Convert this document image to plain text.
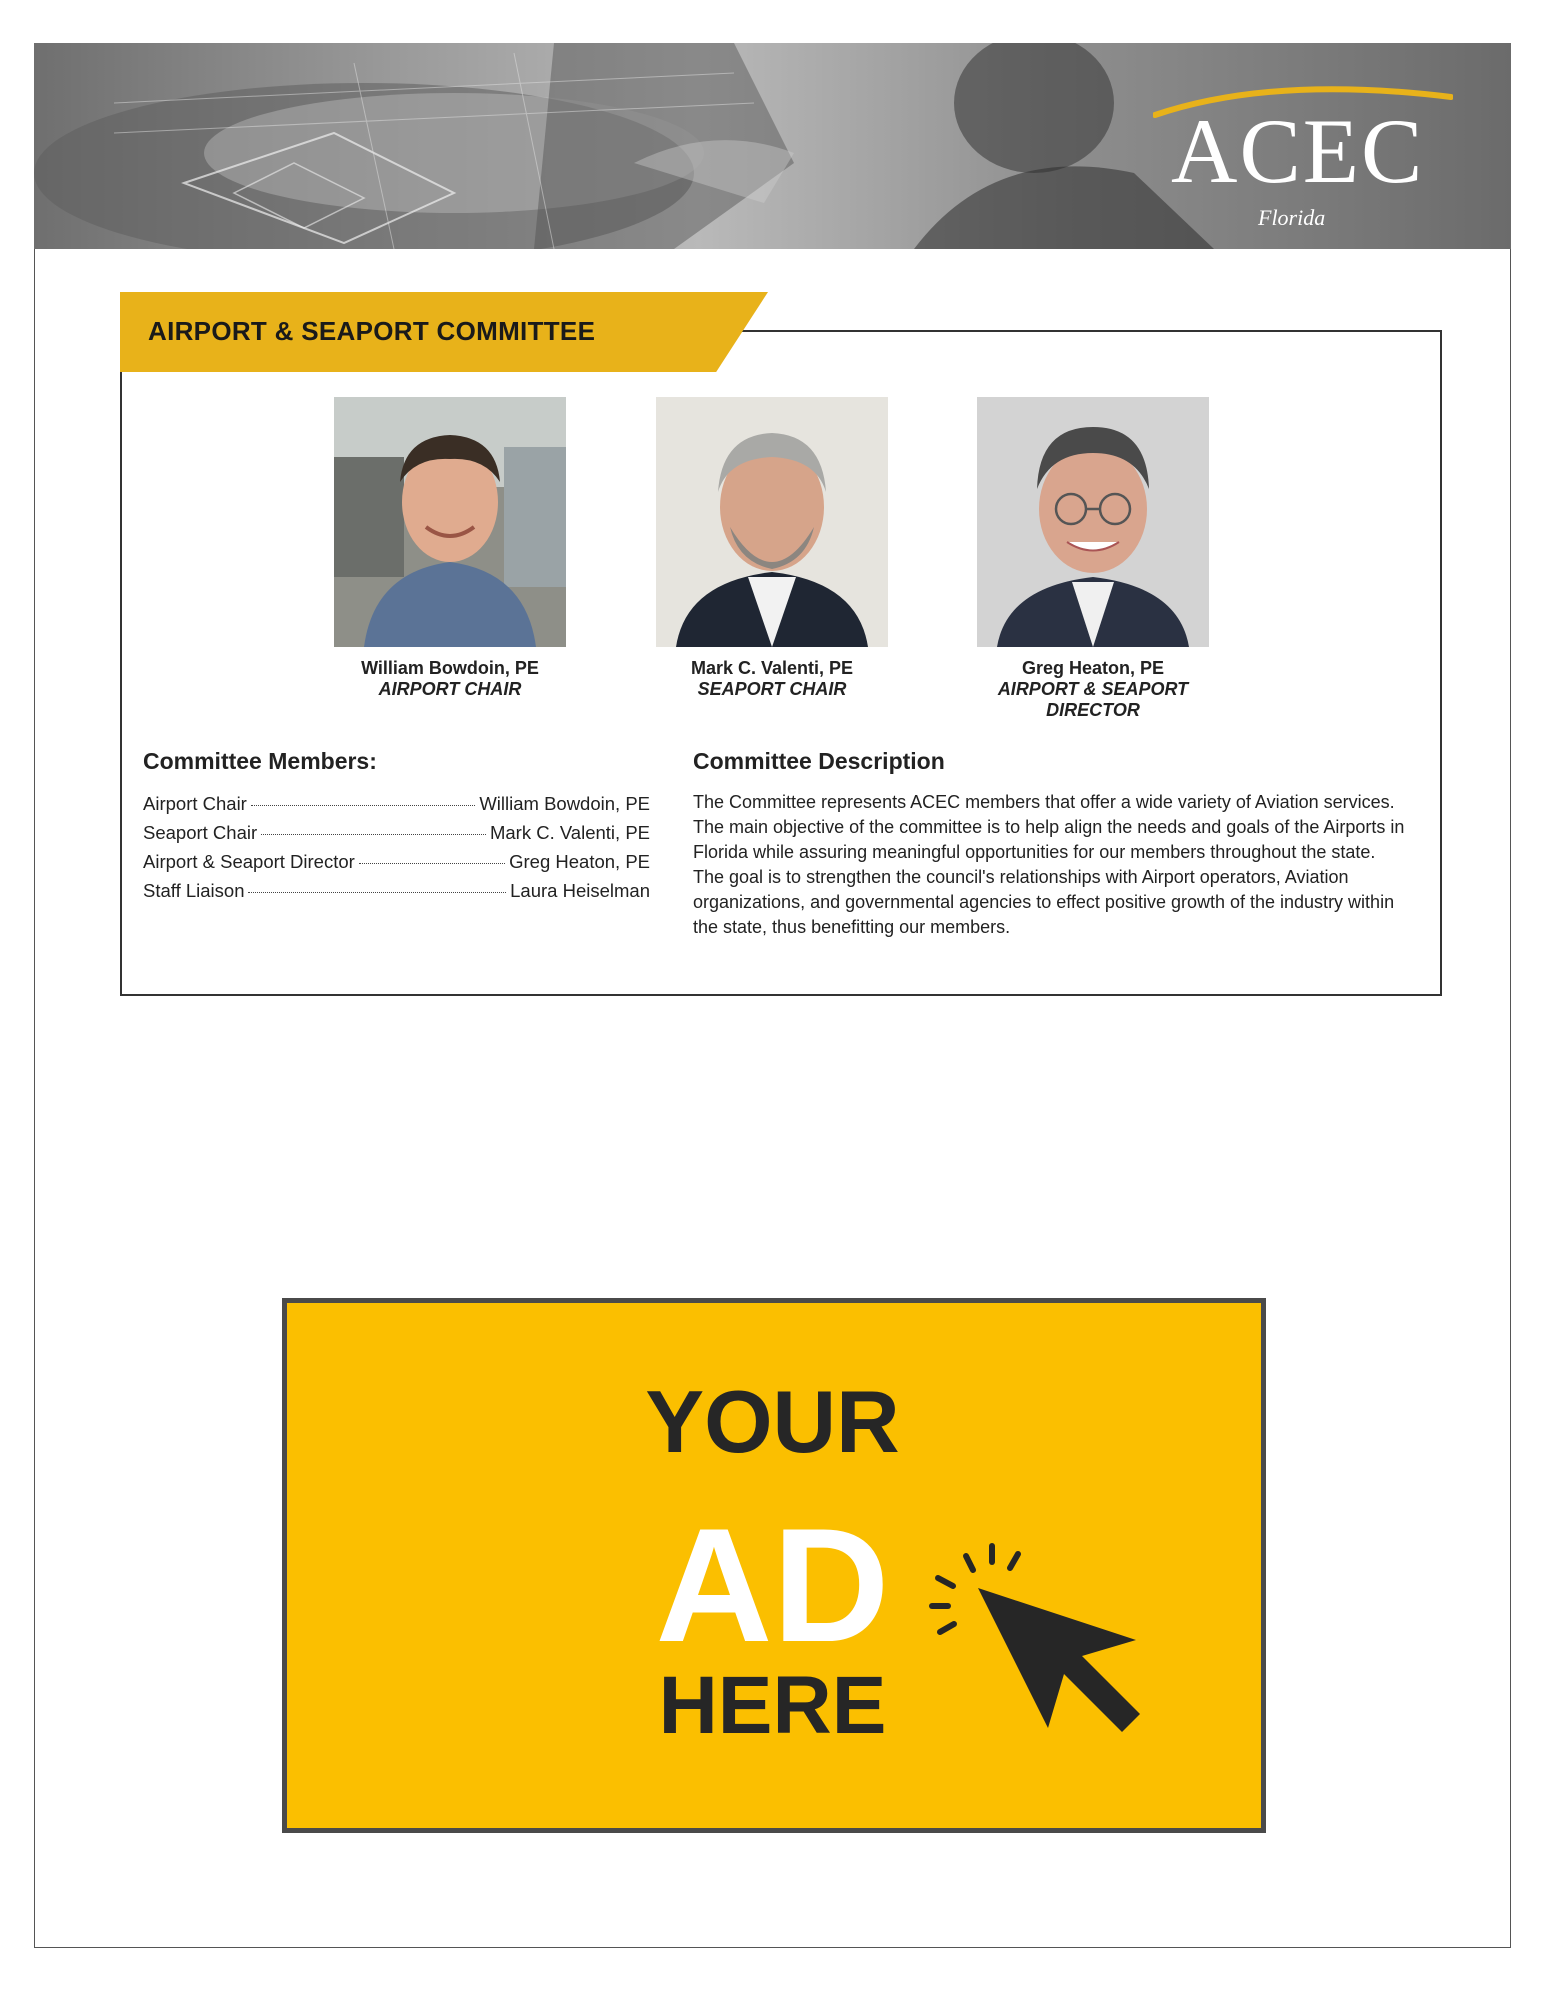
ACEC
Florida
AIRPORT & SEAPORT COMMITTEE
William Bowdoin, PE
AIRPORT CHAIR
Mark C. Valenti, PE
SEAPORT CHAIR
Greg Heaton, PE
AIRPORT & SEAPORT
DIRECTOR
Committee Members:
Airport Chair	William Bowdoin, PE
Seaport Chair	Mark C. Valenti, PE
Airport & Seaport Director	Greg Heaton, PE
Staff Liaison	Laura Heiselman
Committee Description
The Committee represents ACEC members that offer a wide variety of Aviation services. The main objective of the committee is to help align the needs and goals of the Airports in Florida while assuring meaningful opportunities for our members throughout the state. The goal is to strengthen the council's relationships with Airport operators, Aviation organizations, and governmental agencies to effect positive growth of the industry within the state, thus benefitting our members.
YOUR
AD
HERE
